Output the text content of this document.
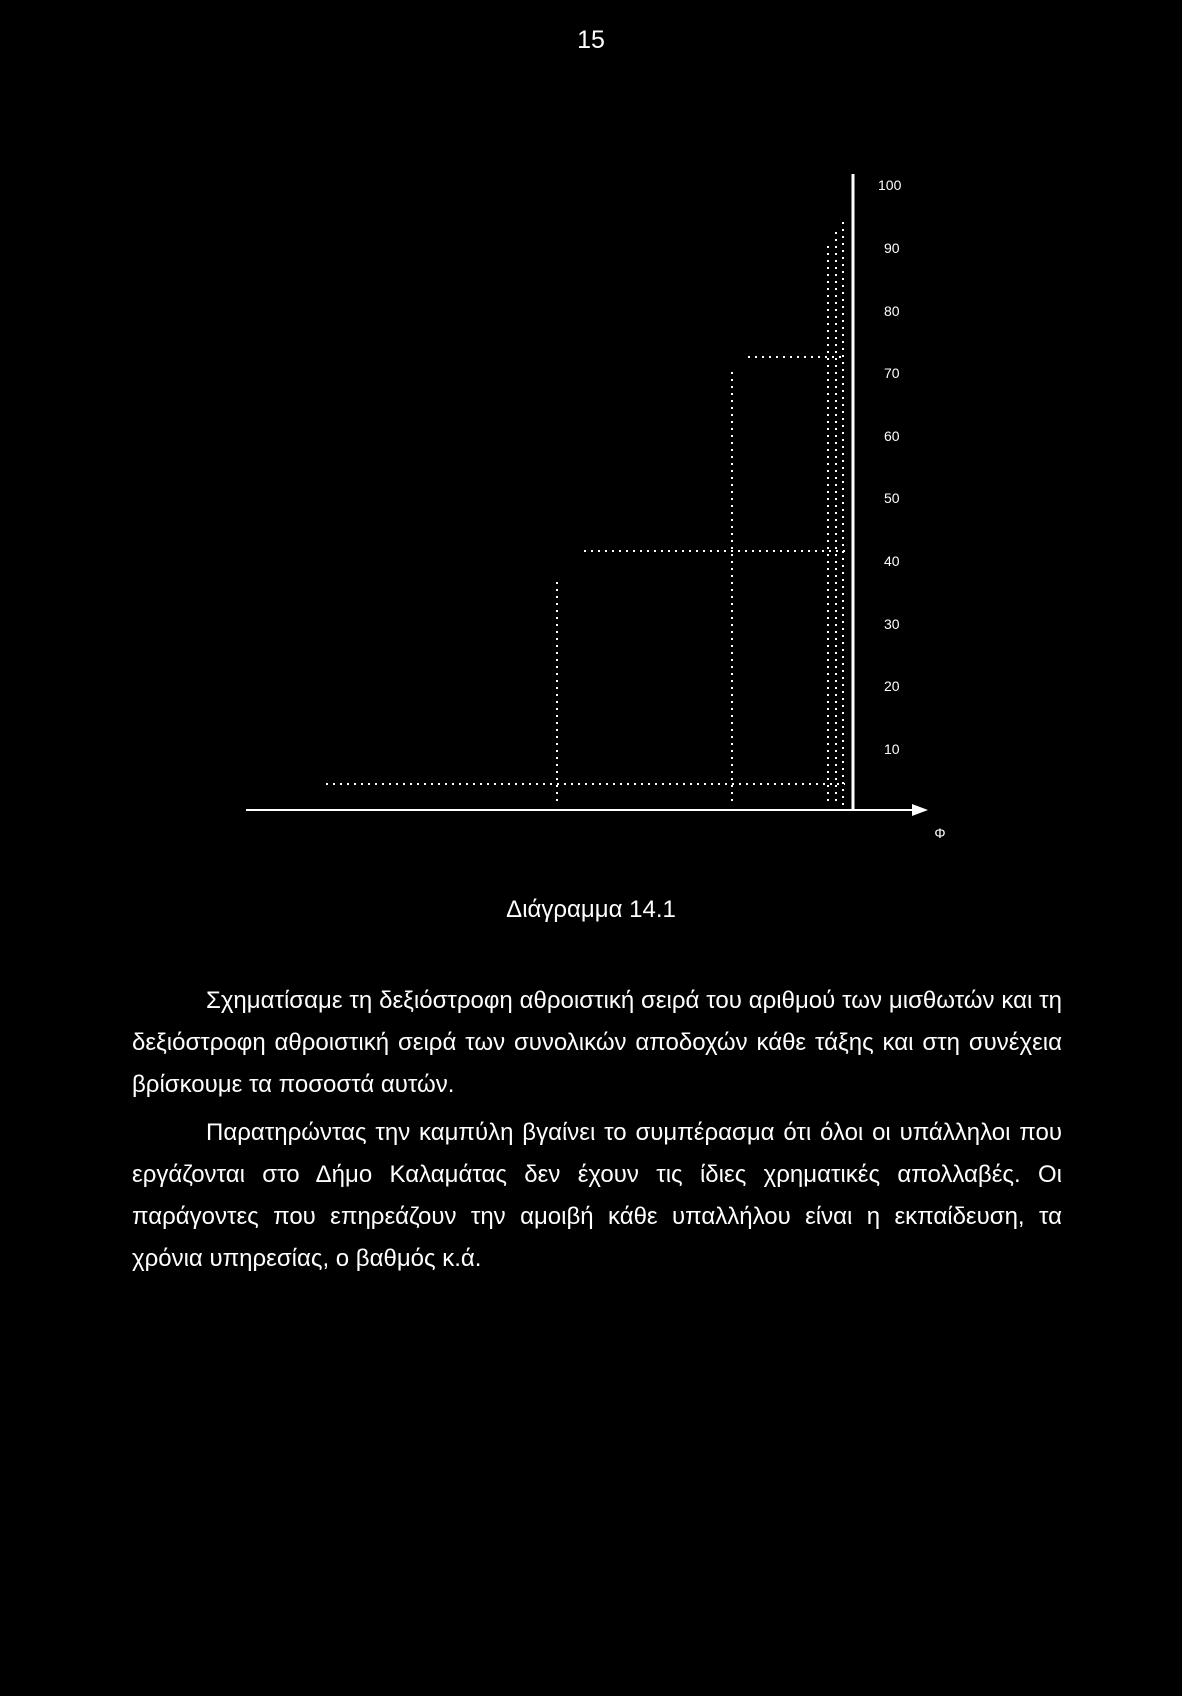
15
Φ
100
90
80
70
60
50
40
30
20
10
Διάγραμμα 14.1

Σχηματίσαμε τη δεξιόστροφη αθροιστική σειρά του αριθμού των μισθωτών και τη δεξιόστροφη αθροιστική σειρά των συνολικών αποδοχών κάθε τάξης και στη συνέχεια βρίσκουμε τα ποσοστά αυτών.

Παρατηρώντας την καμπύλη βγαίνει το συμπέρασμα ότι όλοι οι υπάλληλοι που εργάζονται στο Δήμο Καλαμάτας δεν έχουν τις ίδιες χρηματικές απολλαβές. Οι παράγοντες που επηρεάζουν την αμοιβή κάθε υπαλλήλου είναι η εκπαίδευση, τα χρόνια υπηρεσίας, ο βαθμός κ.ά.
